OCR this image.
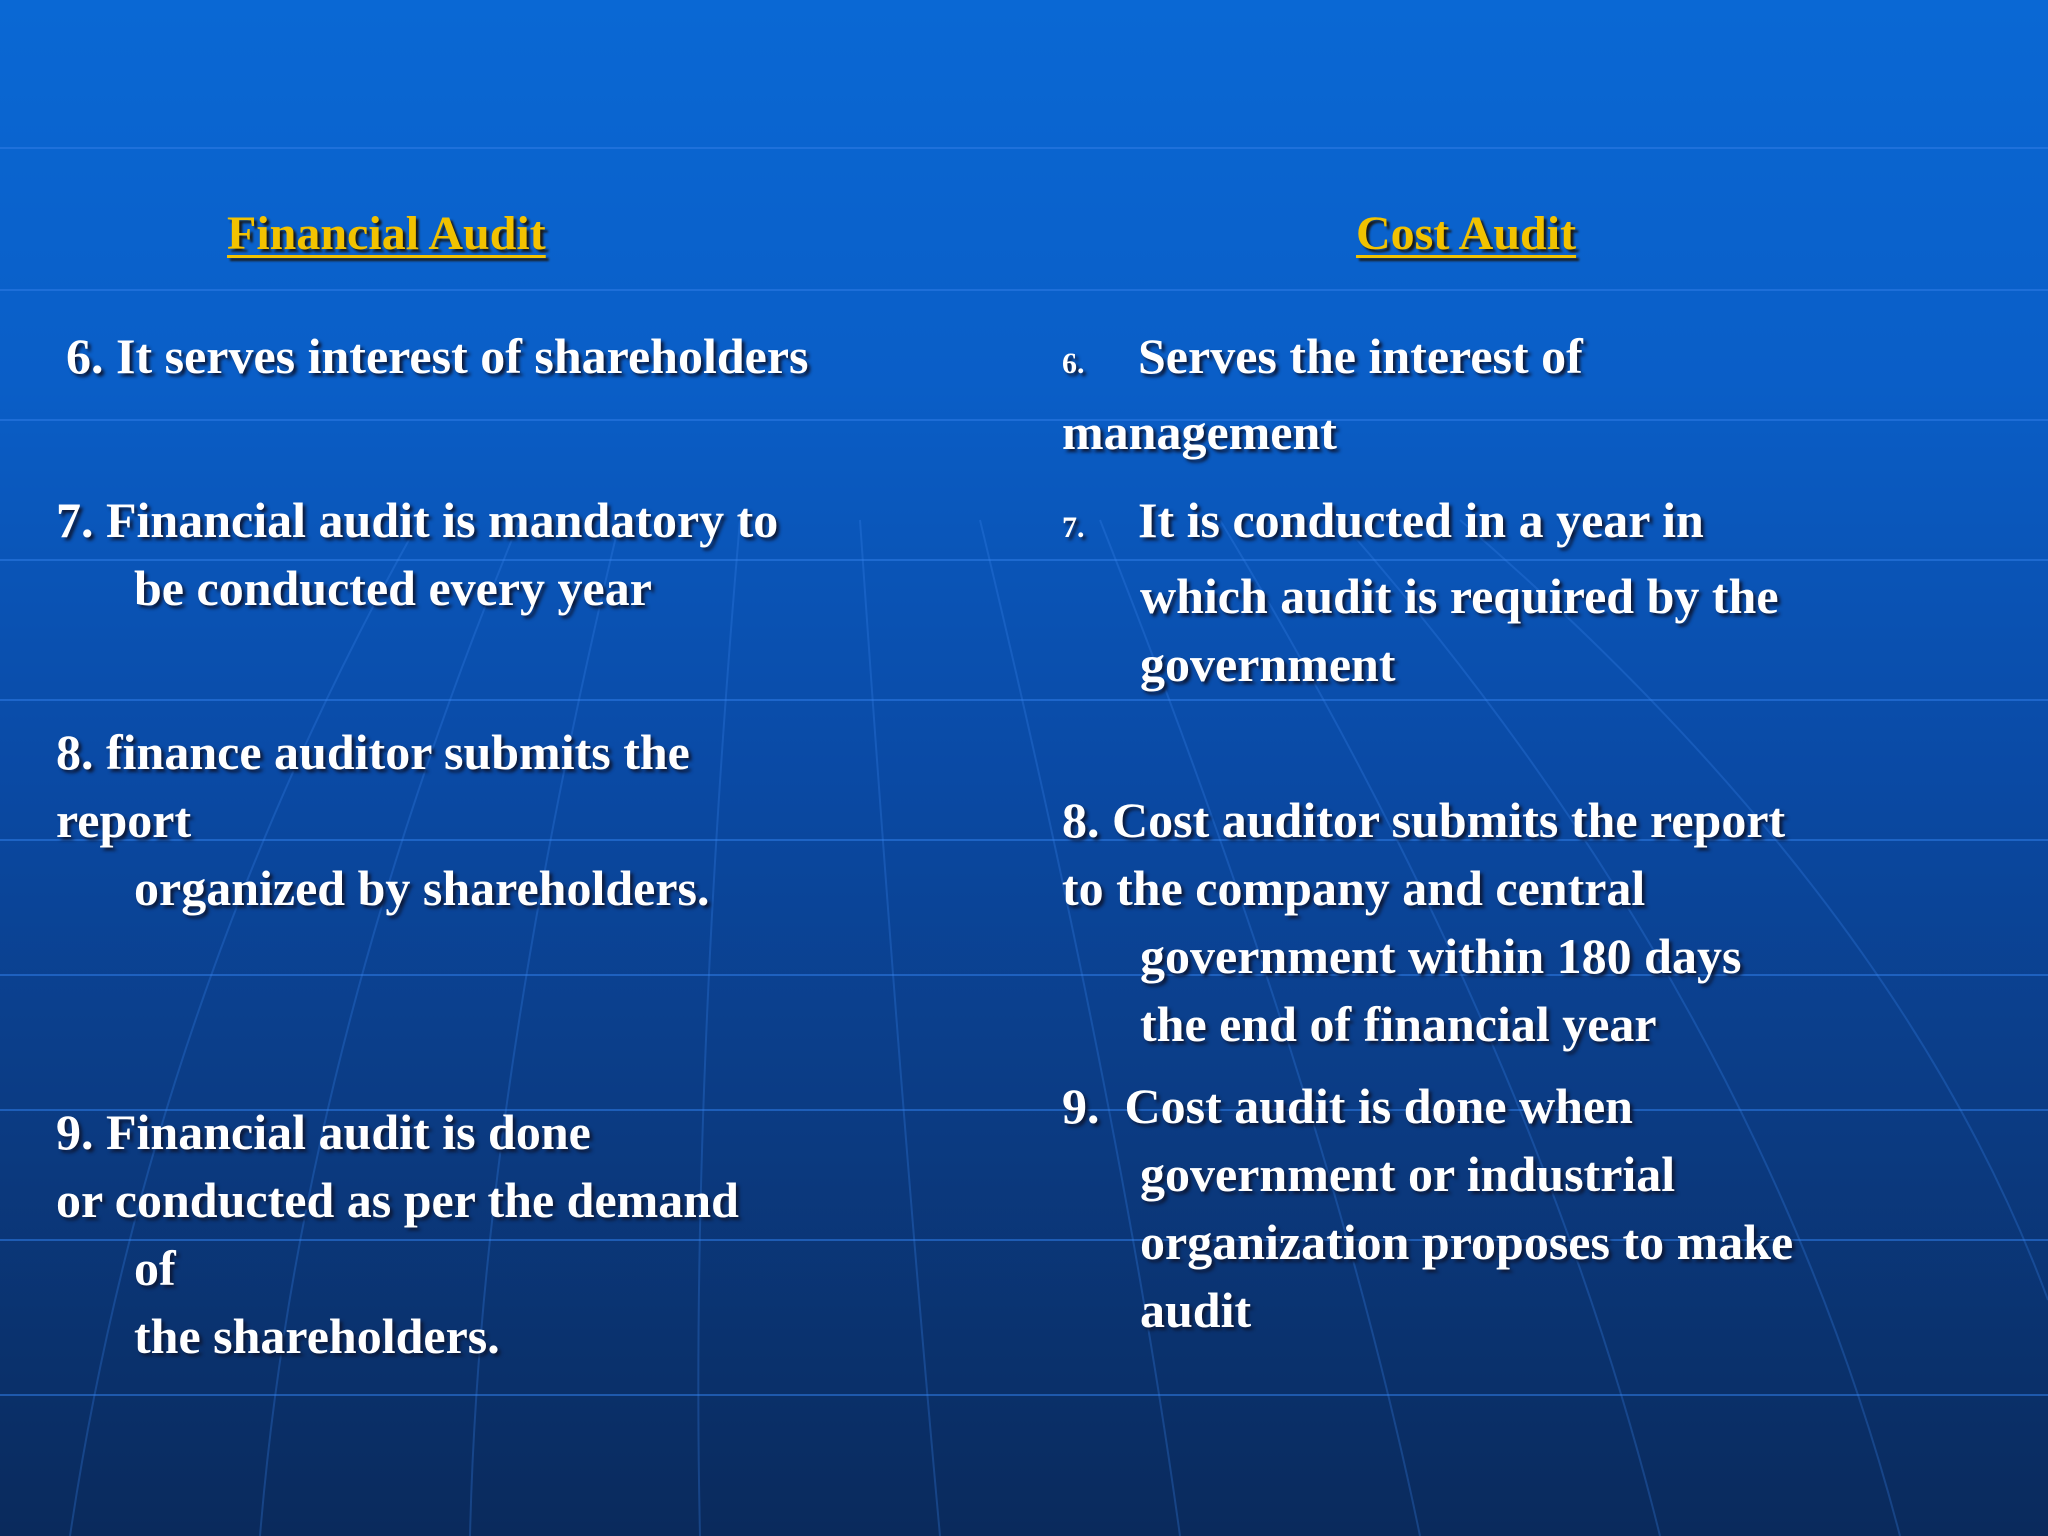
Financial Audit	Cost Audit

6. It serves interest of shareholders

7. Financial audit is mandatory to

be conducted every year

8. finance auditor submits the

report

organized by shareholders.

9. Financial audit is done

or conducted as per the demand

of

the shareholders.

6. Serves the interest of

management

7. It is conducted in a year in

which audit is required by the

government

8. Cost auditor submits the report

to the company and central

government within 180 days

the end of financial year

9. Cost audit is done when

government or industrial

organization proposes to make

audit
